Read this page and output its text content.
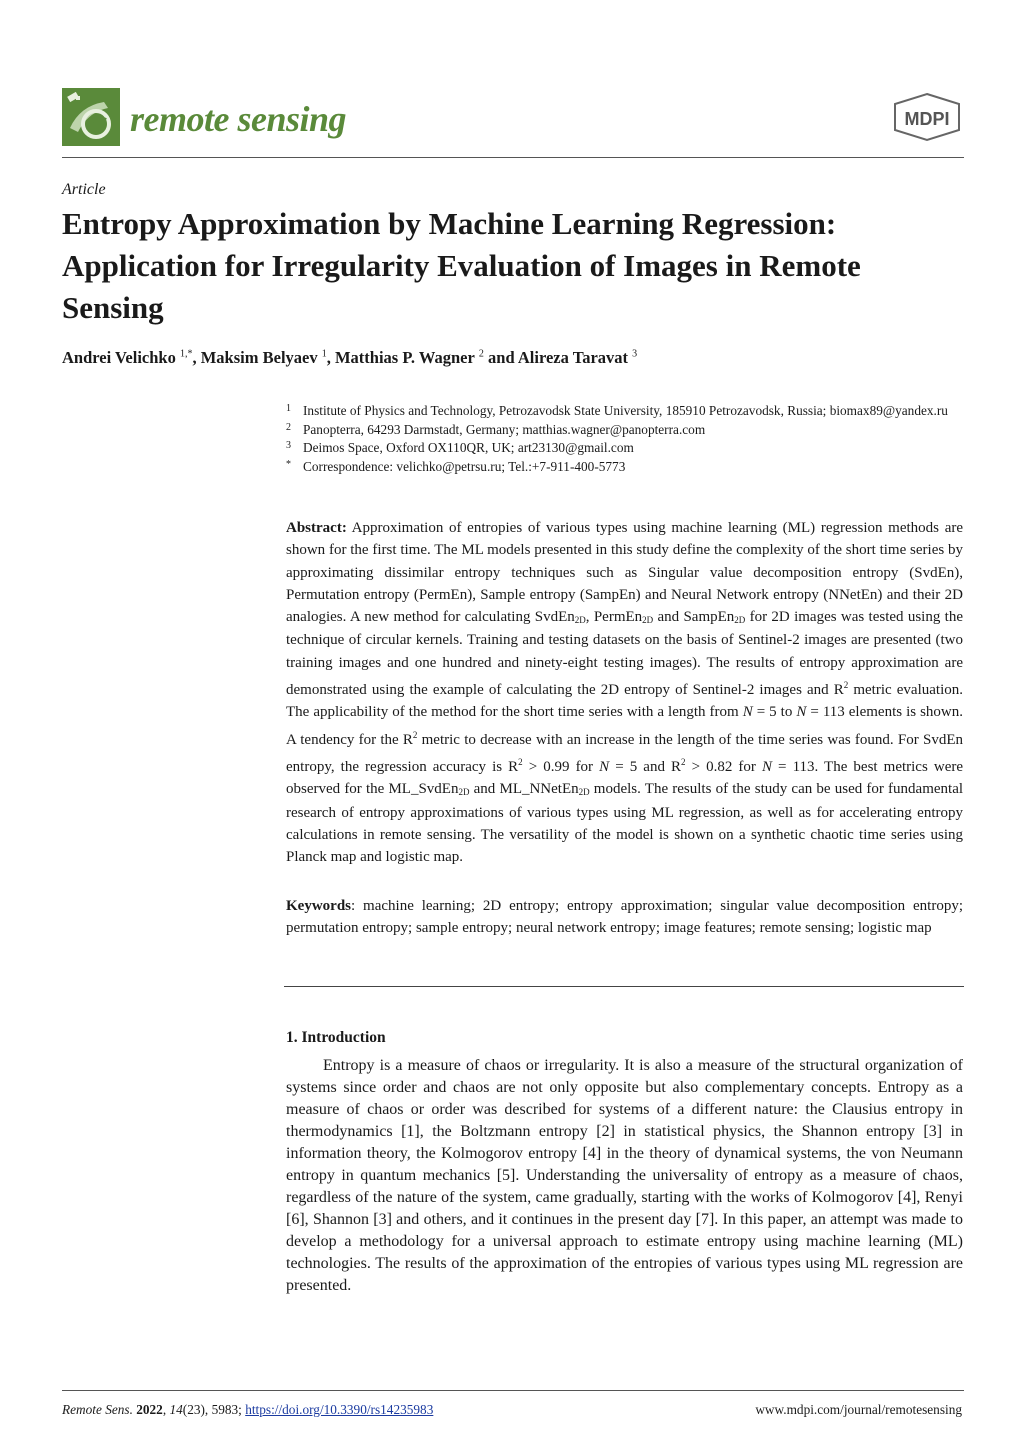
remote sensing	MDPI
Article
Entropy Approximation by Machine Learning Regression: Application for Irregularity Evaluation of Images in Remote Sensing
Andrei Velichko $^{1,*}$, Maksim Belyaev $^1$, Matthias P. Wagner $^2$ and Alireza Taravat $^3$
1 Institute of Physics and Technology, Petrozavodsk State University, 185910 Petrozavodsk, Russia; biomax89@yandex.ru
2 Panopterra, 64293 Darmstadt, Germany; matthias.wagner@panopterra.com
3 Deimos Space, Oxford OX110QR, UK; art23130@gmail.com
* Correspondence: velichko@petrsu.ru; Tel.:+7-911-400-5773
Abstract: Approximation of entropies of various types using machine learning (ML) regression methods are shown for the first time. The ML models presented in this study define the complexity of the short time series by approximating dissimilar entropy techniques such as Singular value decomposition entropy (SvdEn), Permutation entropy (PermEn), Sample entropy (SampEn) and Neural Network entropy (NNetEn) and their 2D analogies. A new method for calculating SvdEn$_{2D}$, PermEn$_{2D}$ and SampEn$_{2D}$ for 2D images was tested using the technique of circular kernels. Training and testing datasets on the basis of Sentinel-2 images are presented (two training images and one hundred and ninety-eight testing images). The results of entropy approximation are demonstrated using the example of calculating the 2D entropy of Sentinel-2 images and $R^2$ metric evaluation. The applicability of the method for the short time series with a length from N = 5 to N = 113 elements is shown. A tendency for the $R^2$ metric to decrease with an increase in the length of the time series was found. For SvdEn entropy, the regression accuracy is $R^2 > 0.99$ for N = 5 and $R^2 > 0.82$ for N = 113. The best metrics were observed for the ML_SvdEn$_{2D}$ and ML_NNetEn$_{2D}$ models. The results of the study can be used for fundamental research of entropy approximations of various types using ML regression, as well as for accelerating entropy calculations in remote sensing. The versatility of the model is shown on a synthetic chaotic time series using Planck map and logistic map.
Keywords: machine learning; 2D entropy; entropy approximation; singular value decomposition entropy; permutation entropy; sample entropy; neural network entropy; image features; remote sensing; logistic map
1. Introduction
Entropy is a measure of chaos or irregularity. It is also a measure of the structural organization of systems since order and chaos are not only opposite but also complementary concepts. Entropy as a measure of chaos or order was described for systems of a different nature: the Clausius entropy in thermodynamics [1], the Boltzmann entropy [2] in statistical physics, the Shannon entropy [3] in information theory, the Kolmogorov entropy [4] in the theory of dynamical systems, the von Neumann entropy in quantum mechanics [5]. Understanding the universality of entropy as a measure of chaos, regardless of the nature of the system, came gradually, starting with the works of Kolmogorov [4], Renyi [6], Shannon [3] and others, and it continues in the present day [7]. In this paper, an attempt was made to develop a methodology for a universal approach to estimate entropy using machine learning (ML) technologies. The results of the approximation of the entropies of various types using ML regression are presented.
Remote Sens. 2022, 14(23), 5983; https://doi.org/10.3390/rs14235983	www.mdpi.com/journal/remotesensing
